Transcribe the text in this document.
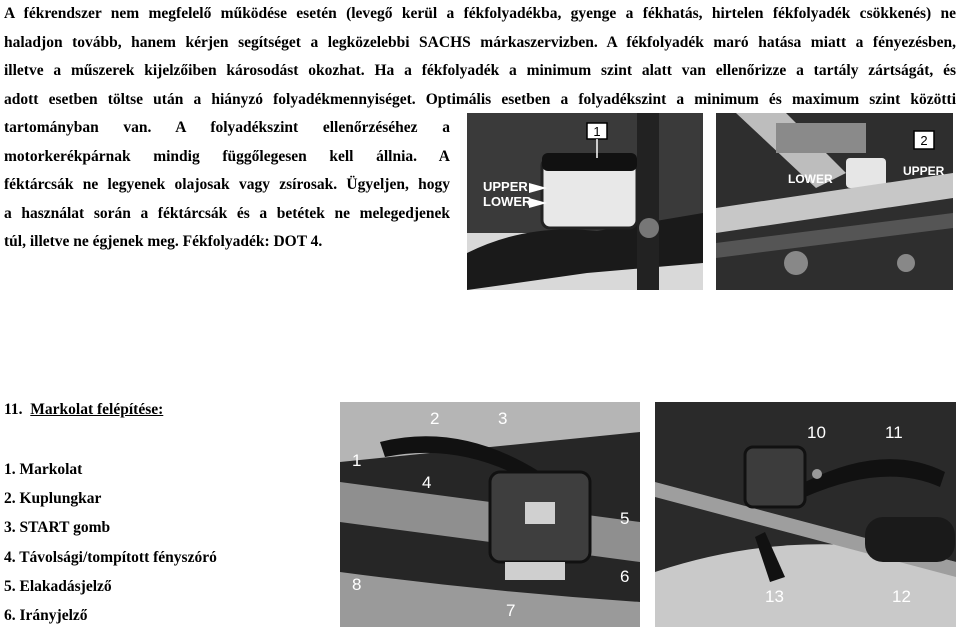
A fékrendszer nem megfelelő működése esetén (levegő kerül a fékfolyadékba, gyenge a fékhatás, hirtelen fékfolyadék csökkenés) ne
haladjon tovább, hanem kérjen segítséget a legközelebbi SACHS márkaszervizben. A fékfolyadék maró hatása miatt a fényezésben,
illetve a műszerek kijelzőiben károsodást okozhat. Ha a fékfolyadék a minimum szint alatt van ellenőrizze a tartály zártságát, és
adott esetben töltse után a hiányzó folyadékmennyiséget. Optimális esetben a folyadékszint a minimum és maximum szint közötti
tartományban van. A folyadékszint ellenőrzéséhez a
motorkerékpárnak mindig függőlegesen kell állnia. A
féktárcsák ne legyenek olajosak vagy zsírosak. Ügyeljen, hogy
a használat során a féktárcsák és a betétek ne melegedjenek
túl, illetve ne égjenek meg. Fékfolyadék: DOT 4.
1
UPPER
LOWER
2
LOWER
UPPER
11. Markolat felépítése:
1. Markolat
2. Kuplungkar
3. START gomb
4. Távolsági/tompított fényszóró
5. Elakadásjelző
6. Irányjelző
1
2	3
4
5
6
7
8
10	11
12
13
